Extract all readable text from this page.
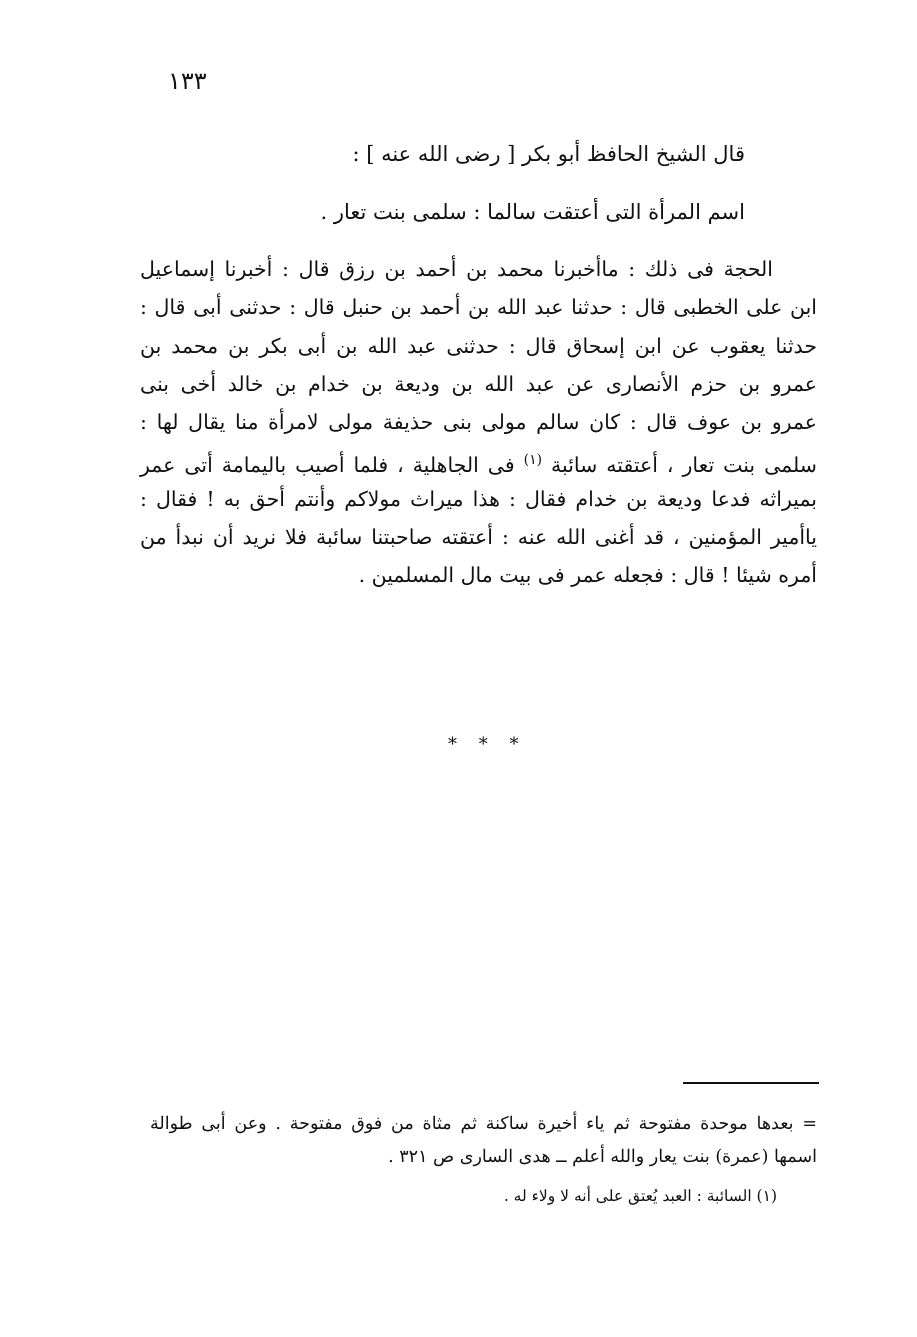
١٣٣
قال الشيخ الحافظ أبو بكر [ رضى الله عنه ] :
اسم المرأة التى أعتقت سالما : سلمى بنت تعار .
الحجة فى ذلك : ماأخبرنا محمد بن أحمد بن رزق قال : أخبرنا إسماعيل
ابن على الخطبى قال : حدثنا عبد الله بن أحمد بن حنبل قال : حدثنى أبى قال :
حدثنا يعقوب عن ابن إسحاق قال : حدثنى عبد الله بن أبى بكر بن محمد بن
عمرو بن حزم الأنصارى عن عبد الله بن وديعة بن خدام بن خالد أخى بنى
عمرو بن عوف قال : كان سالم مولى بنى حذيفة مولى لامرأة منا يقال لها :
سلمى بنت تعار ، أعتقته سائبة $^{(١)}$ فى الجاهلية ، فلما أصيب باليمامة أتى عمر
بميراثه فدعا وديعة بن خدام فقال : هذا ميراث مولاكم وأنتم أحق به ! فقال :
ياأمير المؤمنين ، قد أغنى الله عنه : أعتقته صاحبتنا سائبة فلا نريد أن نبدأ من
أمره شيئا ! قال : فجعله عمر فى بيت مال المسلمين .
* * *
= بعدها موحدة مفتوحة ثم ياء أخيرة ساكنة ثم مثاة من فوق مفتوحة . وعن أبى طوالة
اسمها (عمرة) بنت يعار والله أعلم ــ هدى السارى ص ٣٢١ .
(١) السائبة : العبد يُعتق على أنه لا ولاء له .
